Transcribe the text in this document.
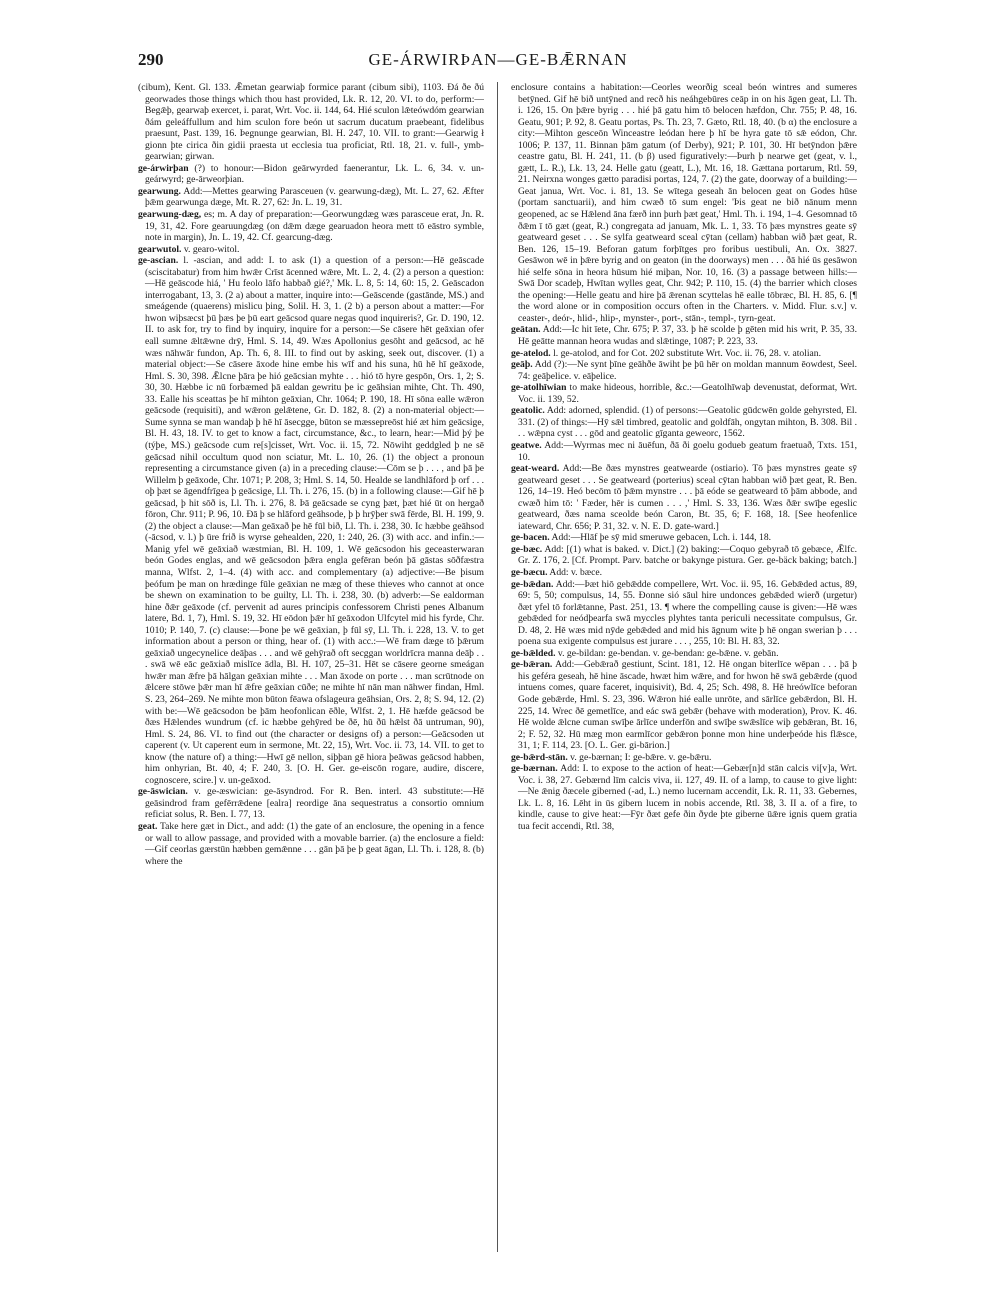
290	GE-ÁRWIRÞAN—GE-BǢRNAN

(cibum), Kent. Gl. 133. Ǣmetan gearwiaþ formice parant (cibum sibi), 1103. Ðá ðe ðú georwades those things which thou hast provided, Lk. R. 12, 20. VI. to do, perform:—Begǣþ, gearwaþ exercet, i. parat, Wrt. Voc. ii. 144, 64. Hié sculon lǣteówdóm gearwian ðám geleáffullum and him sculon fore beón ut sacrum ducatum praebeant, fidelibus praesunt, Past. 139, 16. Þegnunge gearwian, Bl. H. 247, 10. VII. to grant:—Gearwig ł gionn þte cirica ðin gidii praesta ut ecclesia tua proficiat, Rtl. 18, 21. v. full-, ymb-gearwian; girwan.

ge-árwirþan (?) to honour:—Bidon geārwyrded faenerantur, Lk. L. 6, 34. v. un-geárwyrd; ge-ārweorþian.

gearwung. Add:—Mettes gearwing Parasceuen (v. gearwung-dæg), Mt. L. 27, 62. Æfter þǣm gearwunga dæge, Mt. R. 27, 62: Jn. L. 19, 31.

gearwung-dæg, es; m. A day of preparation:—Georwungdæg wæs parasceue erat, Jn. R. 19, 31, 42. Fore gearuungdæg (on dǣm dæge gearuadon heora mett tō eāstro symble, note in margin), Jn. L. 19, 42. Cf. gearcung-dæg.

gearwutol. v. gearo-witol.

ge-ascian. l. -ascian, and add: I. to ask (1) a question of a person:—Hē geāscade (sciscitabatur) from him hwǣr Crīst ācenned wǣre, Mt. L. 2, 4. (2) a person a question:—Hē geāscode hiá, ' Hu feolo lāfo habbað gié?,' Mk. L. 8, 5: 14, 60: 15, 2. Geāscadon interrogabant, 13, 3. (2 a) about a matter, inquire into:—Geāscende (gastānde, MS.) and smeágende (quaerens) mislicu þing, Solil. H. 3, 1. (2 b) a person about a matter:—For hwon wiþsæcst þū þæs þe þū eart geācsod quare negas quod inquireris?, Gr. D. 190, 12. II. to ask for, try to find by inquiry, inquire for a person:—Se cāsere hēt geāxian ofer eall sumne ǣltǣwne drȳ, Hml. S. 14, 49. Wæs Apollonius gesōht and geācsod, ac hē wæs nāhwār fundon, Ap. Th. 6, 8. III. to find out by asking, seek out, discover. (1) a material object:—Se cāsere āxode hine embe his wīf and his suna, hū hē hī geāxode, Hml. S. 30, 398. Ǣlcne þāra þe hió geācsian myhte . . . hió tō hyre gespōn, Ors. 1, 2; S. 30, 30. Hæbbe ic nū forbæmed þā ealdan gewritu þe ic geāhsian mihte, Cht. Th. 490, 33. Ealle his sceattas þe hī mihton geāxian, Chr. 1064; P. 190, 18. Hī sōna ealle wǣron geācsode (requisiti), and wǣron gelǣtene, Gr. D. 182, 8. (2) a non-material object:—Sume synna se man wandaþ þ hē hī āsecgge, būton se mæssepreōst hié æt him geācsige, Bl. H. 43, 18. IV. to get to know a fact, circumstance, &c., to learn, hear:—Mid þý þe (týþe, MS.) geācsode cum re[s]cisset, Wrt. Voc. ii. 15, 72. Nōwiht geddgled þ ne sē geācsad nihil occultum quod non sciatur, Mt. L. 10, 26. (1) the object a pronoun representing a circumstance given (a) in a preceding clause:—Cōm se þ . . . , and þā þe Willelm þ geāxode, Chr. 1071; P. 208, 3; Hml. S. 14, 50. Healde se landhlāford þ orf . . . oþ þæt se āgendfrīgea þ geācsige, Ll. Th. i. 276, 15. (b) in a following clause:—Gif hē þ geācsad, þ hit sōð is, Ll. Th. i. 276, 8. Þā geācsade se cyng þæt, þæt hié ūt on hergað fōron, Chr. 911; P. 96, 10. Ðā þ se hlāford geāhsode, þ þ hrȳþer swā fērde, Bl. H. 199, 9. (2) the object a clause:—Man geāxað þe hē fūl bið, Ll. Th. i. 238, 30. Ic hæbbe geāhsod (-ācsod, v. l.) þ ūre frið is wyrse gehealden, 220, 1: 240, 26. (3) with acc. and infin.:—Manig yfel wē geāxiað wæstmian, Bl. H. 109, 1. Wē geācsodon his geceasterwaran beón Godes englas, and wē geācsodon þǣra engla gefēran beón þā gāstas sōðfæstra manna, Wlfst. 2, 1–4. (4) with acc. and complementary (a) adjective:—Be þisum þeófum þe man on hrædinge fūle geāxian ne mæg of these thieves who cannot at once be shewn on examination to be guilty, Ll. Th. i. 238, 30. (b) adverb:—Se ealdorman hine ðǣr geāxode (cf. pervenit ad aures principis confessorem Christi penes Albanum latere, Bd. 1, 7), Hml. S. 19, 32. Hī eōdon þǣr hī geāxodon Ulfcytel mid his fyrde, Chr. 1010; P. 140, 7. (c) clause:—Þone þe wē geāxian, þ fūl sȳ, Ll. Th. i. 228, 13. V. to get information about a person or thing, hear of. (1) with acc.:—Wē fram dæge tō þǣrum geāxiað ungecynelice deāþas . . . and wē gehȳrað oft secggan worldrīcra manna deāþ . . . swā wē eāc geāxiað mislīce ādla, Bl. H. 107, 25–31. Hēt se cāsere georne smeágan hwǣr man ǣfre þā hālgan geāxian mihte . . . Man āxode on porte . . . man scrūtnode on ǣlcere stōwe þǣr man hī ǣfre geāxian cūðe; ne mihte hī nān man nāhwer findan, Hml. S. 23, 264–269. Ne mihte mon būton fēawa ofslageura geāhsian, Ors. 2, 8; S. 94, 12. (2) with be:—Wē geācsodon be þām heofonlican ēðle, Wlfst. 2, 1. Hē hæfde geācsod be ðæs Hǣlendes wundrum (cf. ic hæbbe gehȳred be ðē, hū ðū hǣlst ðā untruman, 90), Hml. S. 24, 86. VI. to find out (the character or designs of) a person:—Geācsoden ut caperent (v. Ut caperent eum in sermone, Mt. 22, 15), Wrt. Voc. ii. 73, 14. VII. to get to know (the nature of) a thing:—Hwī gē nellon, siþþan gē hiora þeāwas geācsod habben, him onhyrian, Bt. 40, 4; F. 240, 3. [O. H. Ger. ge-eiscōn rogare, audire, discere, cognoscere, scire.] v. un-geāxod.

ge-āswician. v. ge-æswician: ge-āsyndrod. For R. Ben. interl. 43 substitute:—Hē geāsindrod fram gefērrǣdene [ealra] reordige āna sequestratus a consortio omnium reficiat solus, R. Ben. I. 77, 13.

geat. Take here gæt in Dict., and add: (1) the gate of an enclosure, the opening in a fence or wall to allow passage, and provided with a movable barrier. (a) the enclosure a field:—Gif ceorlas gærstūn hæbben gemǣnne . . . gān þā þe þ geat āgan, Ll. Th. i. 128, 8. (b) where the

enclosure contains a habitation:—Ceorles weorðig sceal beón wintres and sumeres betȳned. Gif hē bið untȳned and recð his neáhgebūres ceāp in on his āgen geat, Ll. Th. i. 126, 15. On þǣre byrig . . . hié þā gatu him tō belocen hæfdon, Chr. 755; P. 48, 16. Geatu, 901; P. 92, 8. Geatu portas, Ps. Th. 23, 7. Gæto, Rtl. 18, 40. (b α) the enclosure a city:—Mihton gesceōn Winceastre leódan here þ hī be hyra gate tō sǣ eódon, Chr. 1006; P. 137, 11. Binnan þām gatum (of Derby), 921; P. 101, 30. Hī betȳndon þǣre ceastre gatu, Bl. H. 241, 11. (b β) used figuratively:—Þurh þ nearwe get (geat, v. l., gætt, L. R.), Lk. 13, 24. Helle gatu (geatt, L.), Mt. 16, 18. Gættana portarum, Rtl. 59, 21. Neirxna wonges gætto paradisi portas, 124, 7. (2) the gate, doorway of a building:—Geat janua, Wrt. Voc. i. 81, 13. Se wītega geseah ān belocen geat on Godes hūse (portam sanctuarii), and him cwæð tō sum engel: 'Þis geat ne bið nānum menn geopened, ac se Hǣlend āna færð inn þurh þæt geat,' Hml. Th. i. 194, 1–4. Gesomnad tō ðǣm ī tō gæt (geat, R.) congregata ad januam, Mk. L. 1, 33. Tō þæs mynstres geate sȳ geatweard geset . . . Se sylfa geatweard sceal cȳtan (cellam) habban wið þæt geat, R. Ben. 126, 15–19. Beforan gatum forþītges pro foribus uestibuli, An. Ox. 3827. Gesāwon wē in þǣre byrig and on geaton (in the doorways) men . . . ðā hié ūs gesāwon hié selfe sōna in heora hūsum hié miþan, Nor. 10, 16. (3) a passage between hills:—Swā Dor scadeþ, Hwītan wylles geat, Chr. 942; P. 110, 15. (4) the barrier which closes the opening:—Helle geatu and hire þā ǣrenan scyttelas hē ealle tōbræc, Bl. H. 85, 6. [¶ the word alone or in composition occurs often in the Charters. v. Midd. Flur. s.v.] v. ceaster-, deór-, hlid-, hlip-, mynster-, port-, stān-, templ-, tyrn-geat.

geātan. Add:—Ic hit īete, Chr. 675; P. 37, 33. þ hē scolde þ gēten mid his writ, P. 35, 33. Hē geātte mannan heora wudas and slǣtinge, 1087; P. 223, 33.

ge-atelod. l. ge-atolod, and for Cot. 202 substitute Wrt. Voc. ii. 76, 28. v. atolian.

geāþ. Add (?):—Ne synt þīne geāhðe āwiht þe þū hēr on moldan mannum ēowdest, Seel. 74: geāþelice. v. eāþelice.

ge-atolhīwian to make hideous, horrible, &c.:—Geatolhīwaþ devenustat, deformat, Wrt. Voc. ii. 139, 52.

geatolic. Add: adorned, splendid. (1) of persons:—Geatolic gūdcwēn golde gehyrsted, El. 331. (2) of things:—Hȳ sǣl timbred, geatolic and goldfāh, ongytan mihton, B. 308. Bil . . . wǣpna cyst . . . gōd and geatolic gīganta geweorc, 1562.

geatwe. Add:—Wyrmas mec ni āuēfun, ðā ði goelu godueb geatum fraetuað, Txts. 151, 10.

geat-weard. Add:—Be ðæs mynstres geatwearde (ostiario). Tō þæs mynstres geate sȳ geatweard geset . . . Se geatweard (porterius) sceal cȳtan habban wið þæt geat, R. Ben. 126, 14–19. Heó becōm tō þǣm mynstre . . . þā eóde se geatweard tō þām abbode, and cwæð him tō: ' Fæder, hēr is cumen . . . ,' Hml. S. 33, 136. Wæs ðǣr swīþe egeslic geatweard, ðæs nama sceolde beón Caron, Bt. 35, 6; F. 168, 18. [See heofenlice iateward, Chr. 656; P. 31, 32. v. N. E. D. gate-ward.]

ge-bacen. Add:—Hlāf þe sȳ mid smeruwe gebacen, Lch. i. 144, 18.

ge-bæc. Add: [(1) what is baked. v. Dict.] (2) baking:—Coquo gebyrað tō gebæce, Ǣlfc. Gr. Z. 176, 2. [Cf. Prompt. Parv. batche or bakynge pistura. Ger. ge-bäck baking; batch.]

ge-bæcu. Add: v. bæce.

ge-bǣdan. Add:—Þæt hiō gebǣdde compellere, Wrt. Voc. ii. 95, 16. Gebǣded actus, 89, 69: 5, 50; compulsus, 14, 55. Ðonne sió sāul hire undonces gebǣded wierð (urgetur) ðæt yfel tō forlǣtanne, Past. 251, 13. ¶ where the compelling cause is given:—Hē wæs gebǣded for neódþearfa swā myccles plyhtes tanta periculi necessitate compulsus, Gr. D. 48, 2. Hē wæs mid nȳde gebǣded and mid his āgnum wite þ hē ongan swerian þ . . . poena sua exigente compulsus est jurare . . . , 255, 10: Bl. H. 83, 32.

ge-bǣlded. v. ge-bildan: ge-bendan. v. ge-bendan: ge-bǣne. v. gebān.

ge-bǣran. Add:—Gebǣrað gestiunt, Scint. 181, 12. Hē ongan biterlīce wēpan . . . þā þ his geféra geseah, hē hine āscade, hwæt him wǣre, and for hwon hē swā gebǣrde (quod intuens comes, quare faceret, inquisivit), Bd. 4, 25; Sch. 498, 8. Hē hreówlīce beforan Gode gebǣrde, Hml. S. 23, 396. Wǣron hié ealle unrōte, and sārlīce gebǣrdon, Bl. H. 225, 14. Wrec ðē gemetlīce, and eác swā gebǣr (behave with moderation), Prov. K. 46. Hē wolde ǣlcne cuman swīþe ārlīce underfōn and swīþe swǣslīce wiþ gebǣran, Bt. 16, 2; F. 52, 32. Hū mæg mon earmlīcor gebǣron þonne mon hine underþeóde his flǣsce, 31, 1; F. 114, 23. [O. L. Ger. gi-bārion.]

ge-bǣrd-stān. v. ge-bærnan; I: ge-bǣre. v. ge-bǣru.

ge-bærnan. Add: I. to expose to the action of heat:—Gebær[n]d stān calcis vi[v]a, Wrt. Voc. i. 38, 27. Gebærnd līm calcis viva, ii. 127, 49. II. of a lamp, to cause to give light:—Ne ǣnig ðæcele giberned (-ad, L.) nemo lucernam accendit, Lk. R. 11, 33. Gebernes, Lk. L. 8, 16. Lēht in ūs gibern lucem in nobis accende, Rtl. 38, 3. II a. of a fire, to kindle, cause to give heat:—Fȳr ðæt gefe ðin ðyde þte giberne ūǣre ignis quem gratia tua fecit accendi, Rtl. 38,
